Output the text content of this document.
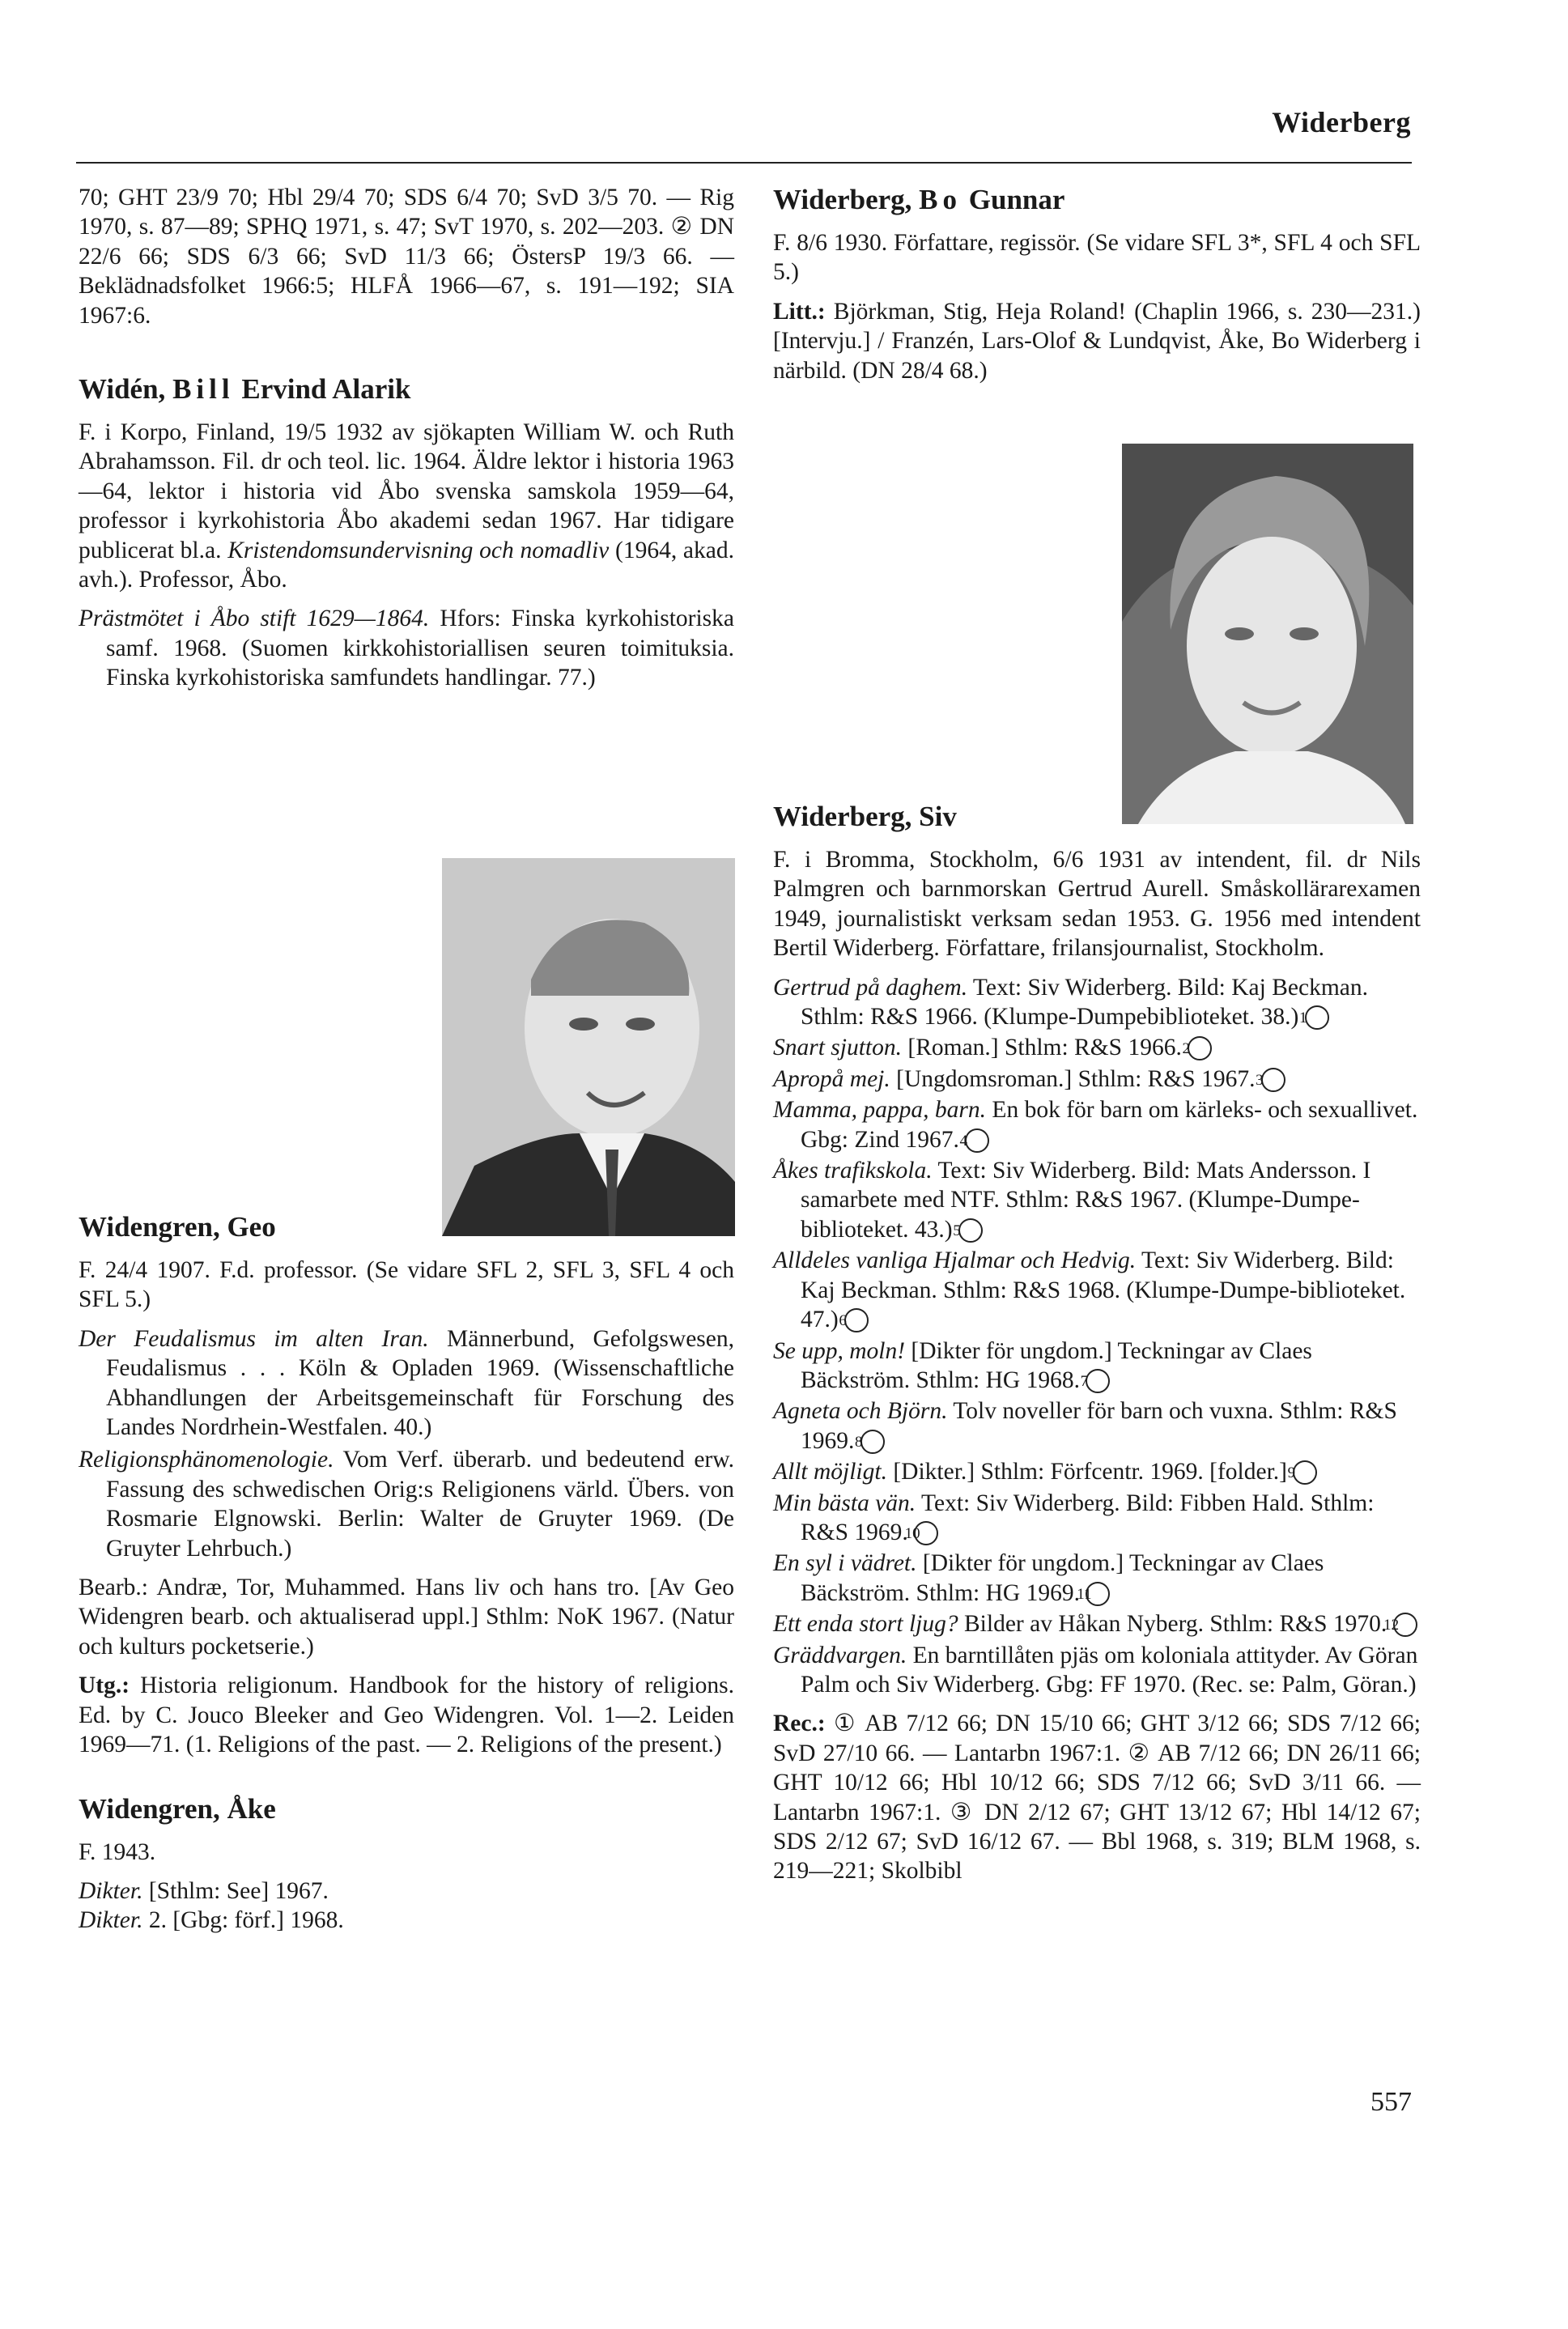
Widerberg

70; GHT 23/9 70; Hbl 29/4 70; SDS 6/4 70; SvD 3/5 70. — Rig 1970, s. 87—89; SPHQ 1971, s. 47; SvT 1970, s. 202—203. ② DN 22/6 66; SDS 6/3 66; SvD 11/3 66; ÖstersP 19/3 66. — Beklädnadsfolket 1966:5; HLFÅ 1966—67, s. 191—192; SIA 1967:6.

Widén, Bill Ervind Alarik

F. i Korpo, Finland, 19/5 1932 av sjökapten William W. och Ruth Abrahamsson. Fil. dr och teol. lic. 1964. Äldre lektor i historia 1963—64, lektor i historia vid Åbo svenska samskola 1959—64, professor i kyrkohistoria Åbo akademi sedan 1967. Har tidigare publicerat bl.a. Kristendomsundervisning och nomadliv (1964, akad. avh.). Professor, Åbo.

Prästmötet i Åbo stift 1629—1864. Hfors: Finska kyrkohistoriska samf. 1968. (Suomen kirkkohistoriallisen seuren toimituksia. Finska kyrkohistoriska samfundets handlingar. 77.)

Widengren, Geo

F. 24/4 1907. F.d. professor. (Se vidare SFL 2, SFL 3, SFL 4 och SFL 5.)

Der Feudalismus im alten Iran. Männerbund, Gefolgswesen, Feudalismus . . . Köln & Opladen 1969. (Wissenschaftliche Abhandlungen der Arbeitsgemeinschaft für Forschung des Landes Nordrhein-Westfalen. 40.)

Religionsphänomenologie. Vom Verf. überarb. und bedeutend erw. Fassung des schwedischen Orig:s Religionens värld. Übers. von Rosmarie Elgnowski. Berlin: Walter de Gruyter 1969. (De Gruyter Lehrbuch.)

Bearb.: Andræ, Tor, Muhammed. Hans liv och hans tro. [Av Geo Widengren bearb. och aktualiserad uppl.] Sthlm: NoK 1967. (Natur och kulturs pocketserie.)

Utg.: Historia religionum. Handbook for the history of religions. Ed. by C. Jouco Bleeker and Geo Widengren. Vol. 1—2. Leiden 1969—71. (1. Religions of the past. — 2. Religions of the present.)

Widengren, Åke

F. 1943.

Dikter. [Sthlm: See] 1967.

Dikter. 2. [Gbg: förf.] 1968.

Widerberg, Bo Gunnar

F. 8/6 1930. Författare, regissör. (Se vidare SFL 3*, SFL 4 och SFL 5.)

Litt.: Björkman, Stig, Heja Roland! (Chaplin 1966, s. 230—231.) [Intervju.] / Franzén, Lars-Olof & Lundqvist, Åke, Bo Widerberg i närbild. (DN 28/4 68.)

Widerberg, Siv

F. i Bromma, Stockholm, 6/6 1931 av intendent, fil. dr Nils Palmgren och barnmorskan Gertrud Aurell. Småskollärarexamen 1949, journalistiskt verksam sedan 1953. G. 1956 med intendent Bertil Widerberg. Författare, frilansjournalist, Stockholm.

Gertrud på daghem. Text: Siv Widerberg. Bild: Kaj Beckman. Sthlm: R&S 1966. (Klumpe-Dumpebiblioteket. 38.) 1

Snart sjutton. [Roman.] Sthlm: R&S 1966. 2

Apropå mej. [Ungdomsroman.] Sthlm: R&S 1967. 3

Mamma, pappa, barn. En bok för barn om kärleks- och sexuallivet. Gbg: Zind 1967. 4

Åkes trafikskola. Text: Siv Widerberg. Bild: Mats Andersson. I samarbete med NTF. Sthlm: R&S 1967. (Klumpe-Dumpe-biblioteket. 43.) 5

Alldeles vanliga Hjalmar och Hedvig. Text: Siv Widerberg. Bild: Kaj Beckman. Sthlm: R&S 1968. (Klumpe-Dumpe-biblioteket. 47.) 6

Se upp, moln! [Dikter för ungdom.] Teckningar av Claes Bäckström. Sthlm: HG 1968. 7

Agneta och Björn. Tolv noveller för barn och vuxna. Sthlm: R&S 1969. 8

Allt möjligt. [Dikter.] Sthlm: Förfcentr. 1969. [folder.] 9

Min bästa vän. Text: Siv Widerberg. Bild: Fibben Hald. Sthlm: R&S 1969. 10

En syl i vädret. [Dikter för ungdom.] Teckningar av Claes Bäckström. Sthlm: HG 1969. 11

Ett enda stort ljug? Bilder av Håkan Nyberg. Sthlm: R&S 1970. 12

Gräddvargen. En barntillåten pjäs om koloniala attityder. Av Göran Palm och Siv Widerberg. Gbg: FF 1970. (Rec. se: Palm, Göran.)

Rec.: ① AB 7/12 66; DN 15/10 66; GHT 3/12 66; SDS 7/12 66; SvD 27/10 66. — Lantarbn 1967:1. ② AB 7/12 66; DN 26/11 66; GHT 10/12 66; Hbl 10/12 66; SDS 7/12 66; SvD 3/11 66. — Lantarbn 1967:1. ③ DN 2/12 67; GHT 13/12 67; Hbl 14/12 67; SDS 2/12 67; SvD 16/12 67. — Bbl 1968, s. 319; BLM 1968, s. 219—221; Skolbibl

557
